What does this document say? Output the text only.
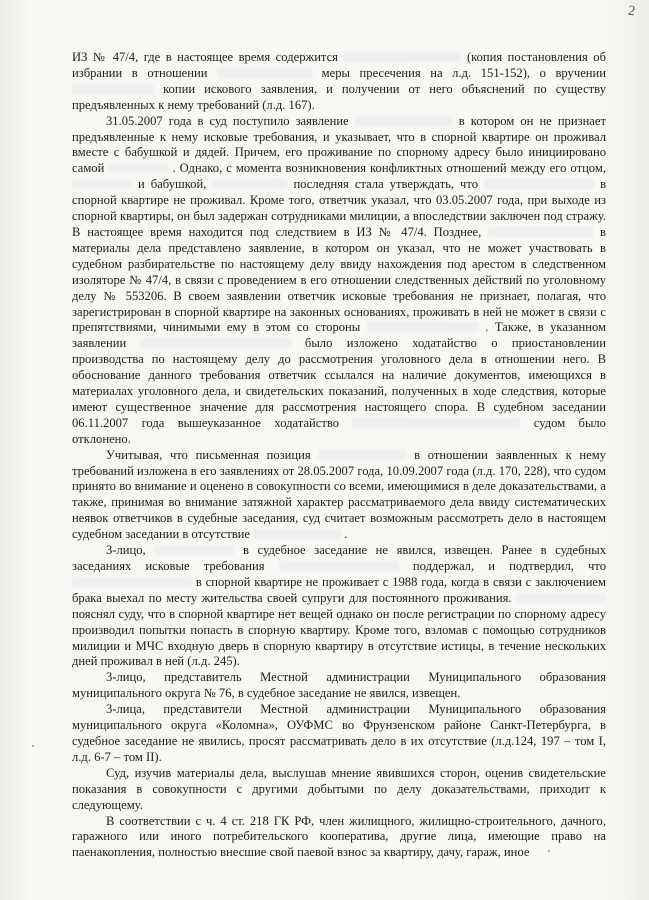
2

ИЗ № 47/4, где в настоящее время содержится	(копия постановления об избрании в отношении	меры пресечения на л.д. 151-152), о вручении  копии искового заявления, и получении от него объяснений по существу предъявленных к нему требований (л.д. 167).

31.05.2007 года в суд поступило заявление	в котором он не признает предъявленные к нему исковые требования, и указывает, что в спорной квартире он проживал вместе с бабушкой и дядей. Причем, его проживание по спорному адресу было инициировано самой	. Однако, с момента возникновения конфликтных отношений между его отцом,  и бабушкой,	последняя стала утверждать, что	в спорной квартире не проживал. Кроме того, ответчик указал, что 03.05.2007 года, при выходе из спорной квартиры, он был задержан сотрудниками милиции, а впоследствии заключен под стражу. В настоящее время находится под следствием в ИЗ № 47/4. Позднее,	в материалы дела представлено заявление, в котором он указал, что не может участвовать в судебном разбирательстве по настоящему делу ввиду нахождения под арестом в следственном изоляторе № 47/4, в связи с проведением в его отношении следственных действий по уголовному делу № 553206. В своем заявлении ответчик исковые требования не признает, полагая, что зарегистрирован в спорной квартире на законных основаниях, проживать в ней не может в связи с препятствиями, чинимыми ему в этом со стороны	. Также, в указанном заявлении	было изложено ходатайство о приостановлении производства по настоящему делу до рассмотрения уголовного дела в отношении него. В обоснование данного требования ответчик ссылался на наличие документов, имеющихся в материалах уголовного дела, и свидетельских показаний, полученных в ходе следствия, которые имеют существенное значение для рассмотрения настоящего спора. В судебном заседании 06.11.2007 года вышеуказанное ходатайство	судом было отклонено.

Учитывая, что письменная позиция	в отношении заявленных к нему требований изложена в его заявлениях от 28.05.2007 года, 10.09.2007 года (л.д. 170, 228), что судом принято во внимание и оценено в совокупности со всеми, имеющимися в деле доказательствами, а также, принимая во внимание затяжной характер рассматриваемого дела ввиду систематических неявок ответчиков в судебные заседания, суд считает возможным рассмотреть дело в настоящем судебном заседании в отсутствие	.

3-лицо,	в судебное заседание не явился, извещен. Ранее в судебных заседаниях исковые требования	поддержал, и подтвердил, что  в спорной квартире не проживает с 1988 года, когда в связи с заключением брака выехал по месту жительства своей супруги для постоянного проживания.  пояснял суду, что в спорной квартире нет вещей однако он после регистрации по спорному адресу производил попытки попасть в спорную квартиру. Кроме того, взломав с помощью сотрудников милиции и МЧС входную дверь в спорную квартиру в отсутствие истицы, в течение нескольких дней проживал в ней (л.д. 245).

3-лицо, представитель Местной администрации Муниципального образования муниципального округа № 76, в судебное заседание не явился, извещен.

3-лица, представители Местной администрации Муниципального образования муниципального округа «Коломна», ОУФМС во Фрунзенском районе Санкт-Петербурга, в судебное заседание не явились, просят рассматривать дело в их отсутствие (л.д.124, 197 – том I, л.д. 6-7 – том II).

Суд, изучив материалы дела, выслушав мнение явившихся сторон, оценив свидетельские показания в совокупности с другими добытыми по делу доказательствами, приходит к следующему.

В соответствии с ч. 4 ст. 218 ГК РФ, член жилищного, жилищно-строительного, дачного, гаражного или иного потребительского кооператива, другие лица, имеющие право на паенакопления, полностью внесшие свой паевой взнос за квартиру, дачу, гараж, иное
